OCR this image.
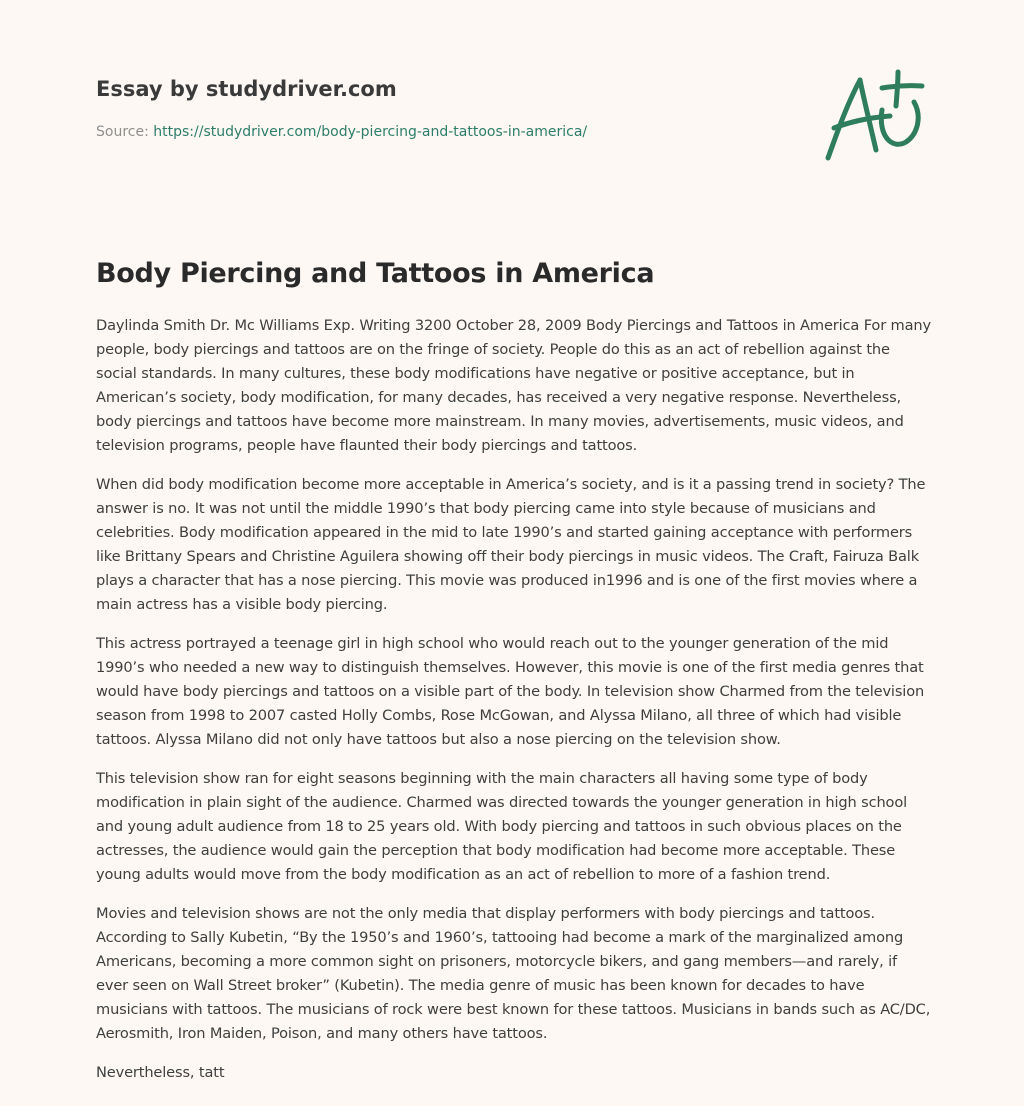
Essay by studydriver.com
Source: https://studydriver.com/body-piercing-and-tattoos-in-america/
Body Piercing and Tattoos in America

Daylinda Smith Dr. Mc Williams Exp. Writing 3200 October 28, 2009 Body Piercings and Tattoos in America For many people, body piercings and tattoos are on the fringe of society. People do this as an act of rebellion against the social standards. In many cultures, these body modifications have negative or positive acceptance, but in American’s society, body modification, for many decades, has received a very negative response. Nevertheless, body piercings and tattoos have become more mainstream. In many movies, advertisements, music videos, and television programs, people have flaunted their body piercings and tattoos.

When did body modification become more acceptable in America’s society, and is it a passing trend in society? The answer is no. It was not until the middle 1990’s that body piercing came into style because of musicians and celebrities. Body modification appeared in the mid to late 1990’s and started gaining acceptance with performers like Brittany Spears and Christine Aguilera showing off their body piercings in music videos. The Craft, Fairuza Balk plays a character that has a nose piercing. This movie was produced in1996 and is one of the first movies where a main actress has a visible body piercing.

This actress portrayed a teenage girl in high school who would reach out to the younger generation of the mid 1990’s who needed a new way to distinguish themselves. However, this movie is one of the first media genres that would have body piercings and tattoos on a visible part of the body. In television show Charmed from the television season from 1998 to 2007 casted Holly Combs, Rose McGowan, and Alyssa Milano, all three of which had visible tattoos. Alyssa Milano did not only have tattoos but also a nose piercing on the television show.

This television show ran for eight seasons beginning with the main characters all having some type of body modification in plain sight of the audience. Charmed was directed towards the younger generation in high school and young adult audience from 18 to 25 years old. With body piercing and tattoos in such obvious places on the actresses, the audience would gain the perception that body modification had become more acceptable. These young adults would move from the body modification as an act of rebellion to more of a fashion trend.

Movies and television shows are not the only media that display performers with body piercings and tattoos. According to Sally Kubetin, “By the 1950’s and 1960’s, tattooing had become a mark of the marginalized among Americans, becoming a more common sight on prisoners, motorcycle bikers, and gang members—and rarely, if ever seen on Wall Street broker” (Kubetin). The media genre of music has been known for decades to have musicians with tattoos. The musicians of rock were best known for these tattoos. Musicians in bands such as AC/DC, Aerosmith, Iron Maiden, Poison, and many others have tattoos.

Nevertheless, tatt
